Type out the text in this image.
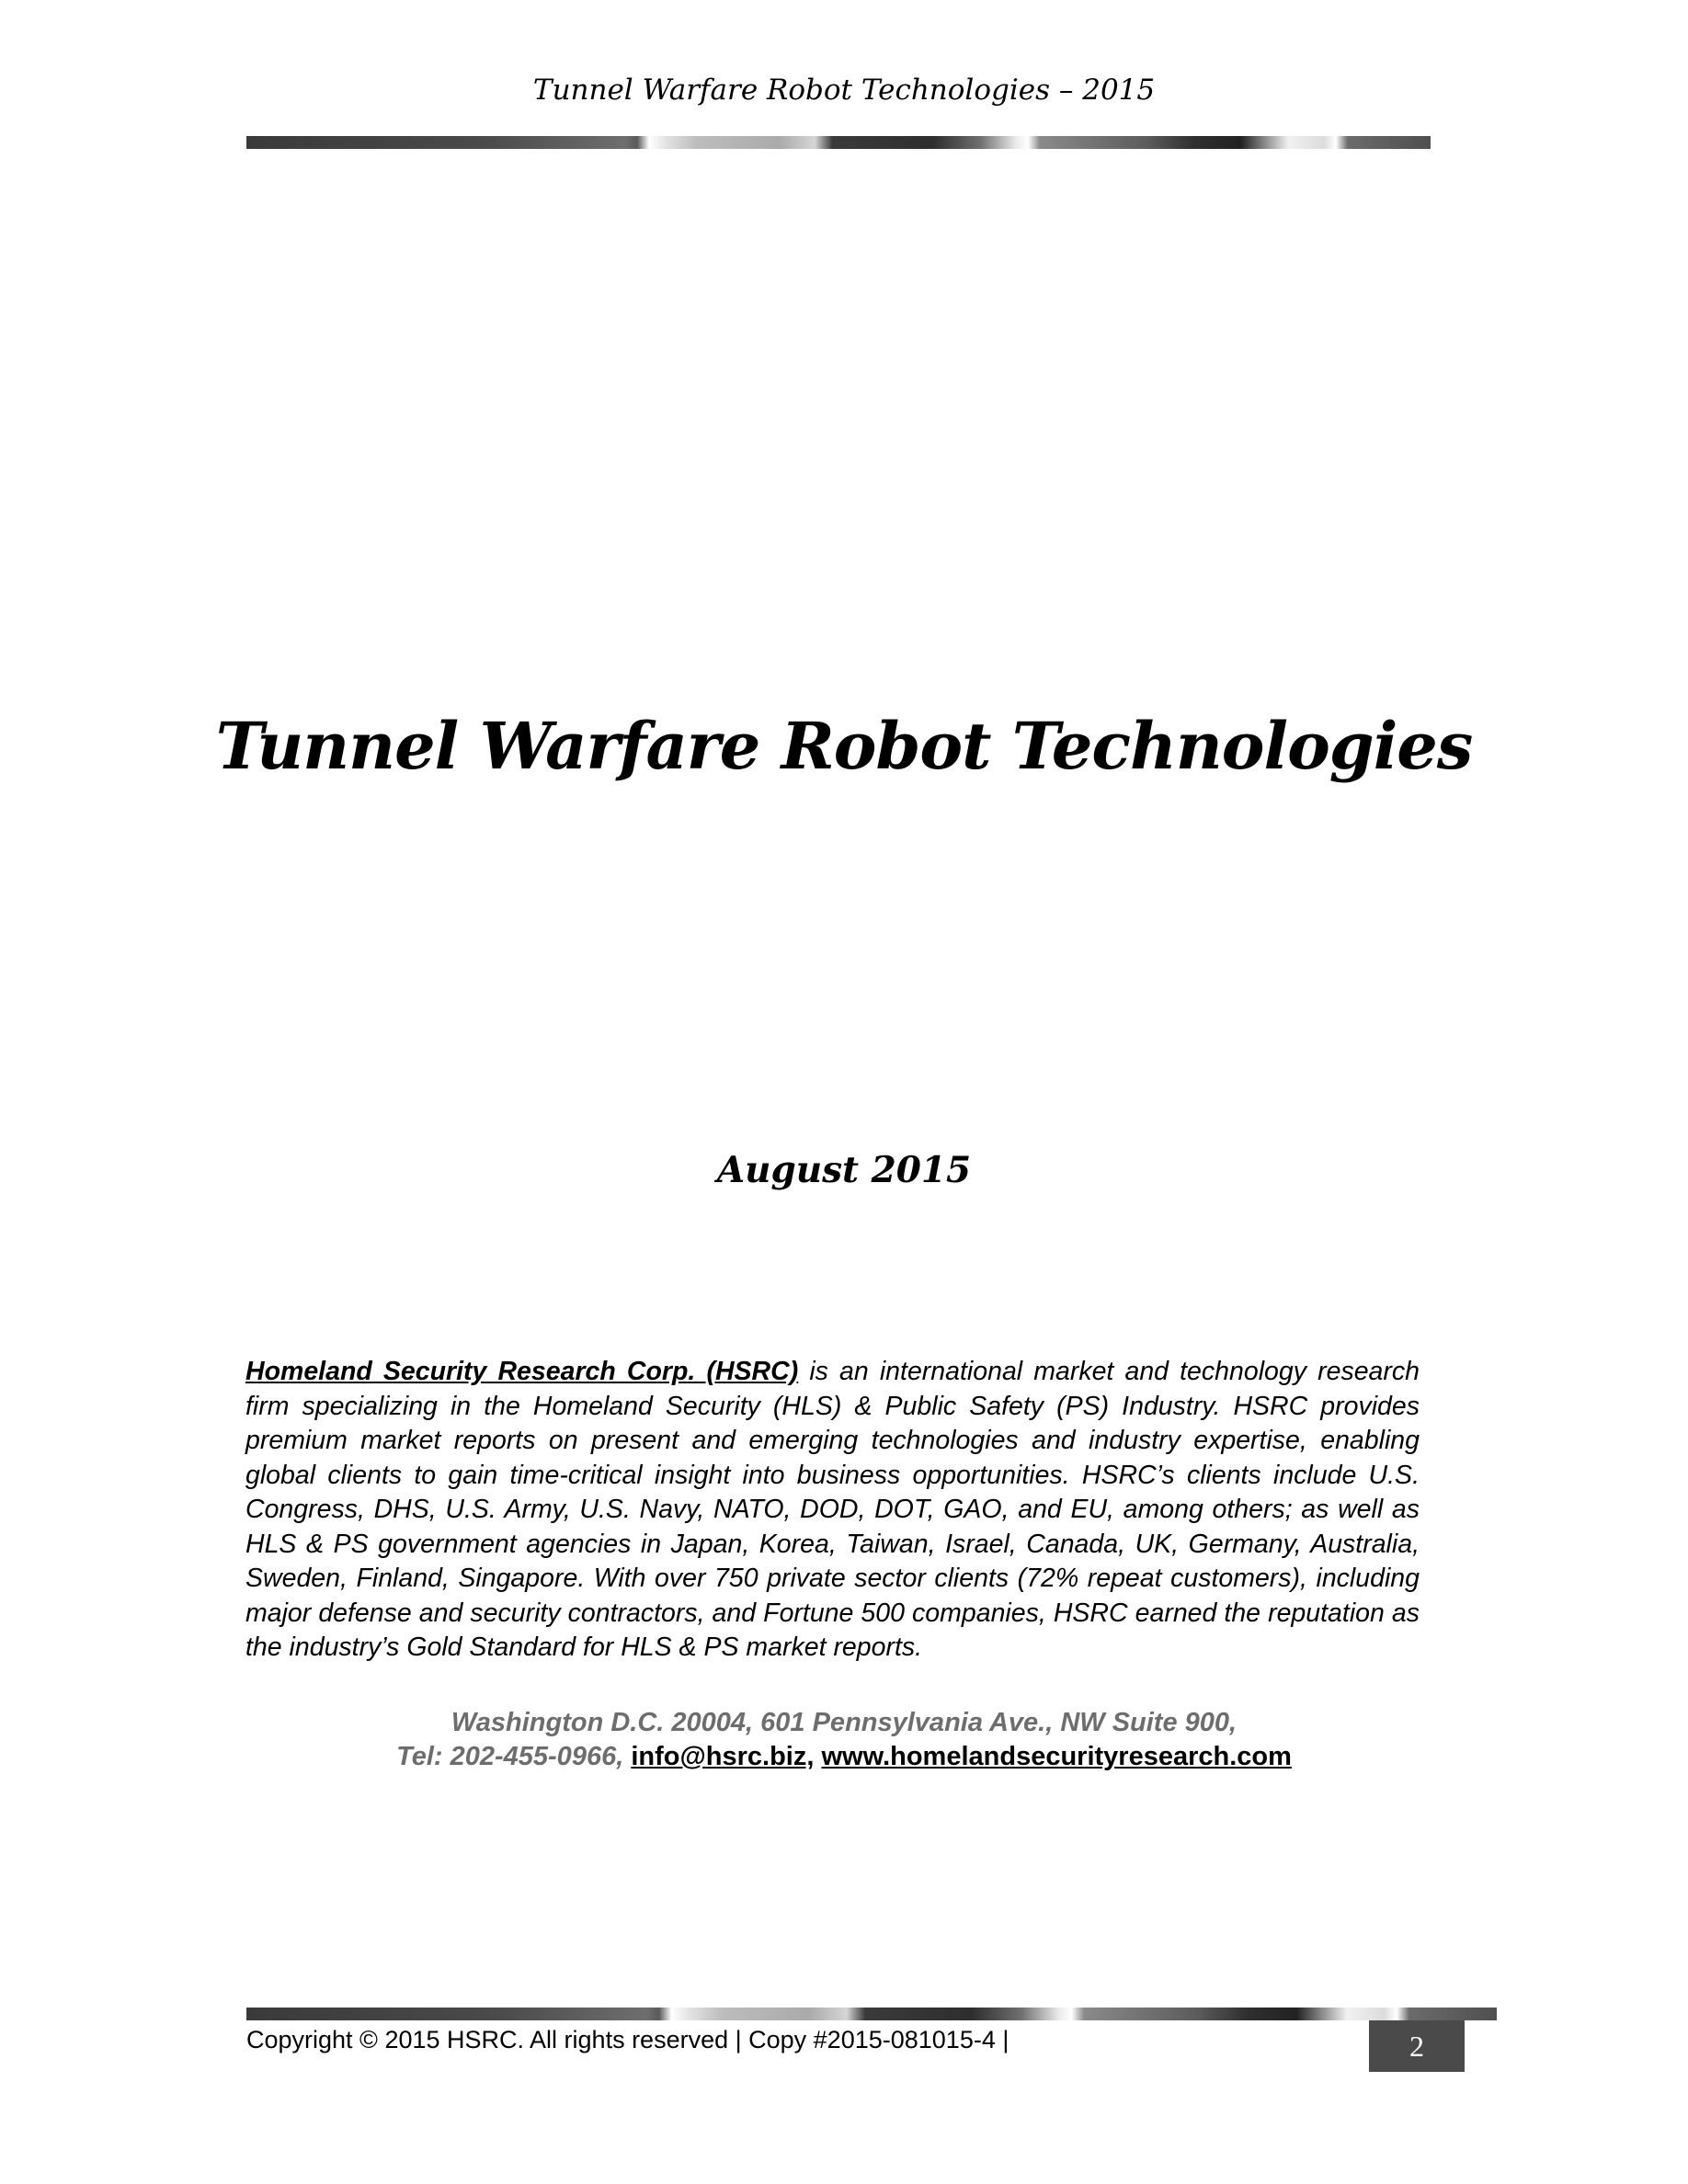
Tunnel Warfare Robot Technologies – 2015
Tunnel Warfare Robot Technologies
August 2015
Homeland Security Research Corp. (HSRC) is an international market and technology research firm specializing in the Homeland Security (HLS) & Public Safety (PS) Industry. HSRC provides premium market reports on present and emerging technologies and industry expertise, enabling global clients to gain time-critical insight into business opportunities. HSRC’s clients include U.S. Congress, DHS, U.S. Army, U.S. Navy, NATO, DOD, DOT, GAO, and EU, among others; as well as HLS & PS government agencies in Japan, Korea, Taiwan, Israel, Canada, UK, Germany, Australia, Sweden, Finland, Singapore. With over 750 private sector clients (72% repeat customers), including major defense and security contractors, and Fortune 500 companies, HSRC earned the reputation as the industry’s Gold Standard for HLS & PS market reports.
Washington D.C. 20004, 601 Pennsylvania Ave., NW Suite 900,
Tel: 202-455-0966, info@hsrc.biz, www.homelandsecurityresearch.com
Copyright © 2015 HSRC. All rights reserved | Copy #2015-081015-4 |	2
